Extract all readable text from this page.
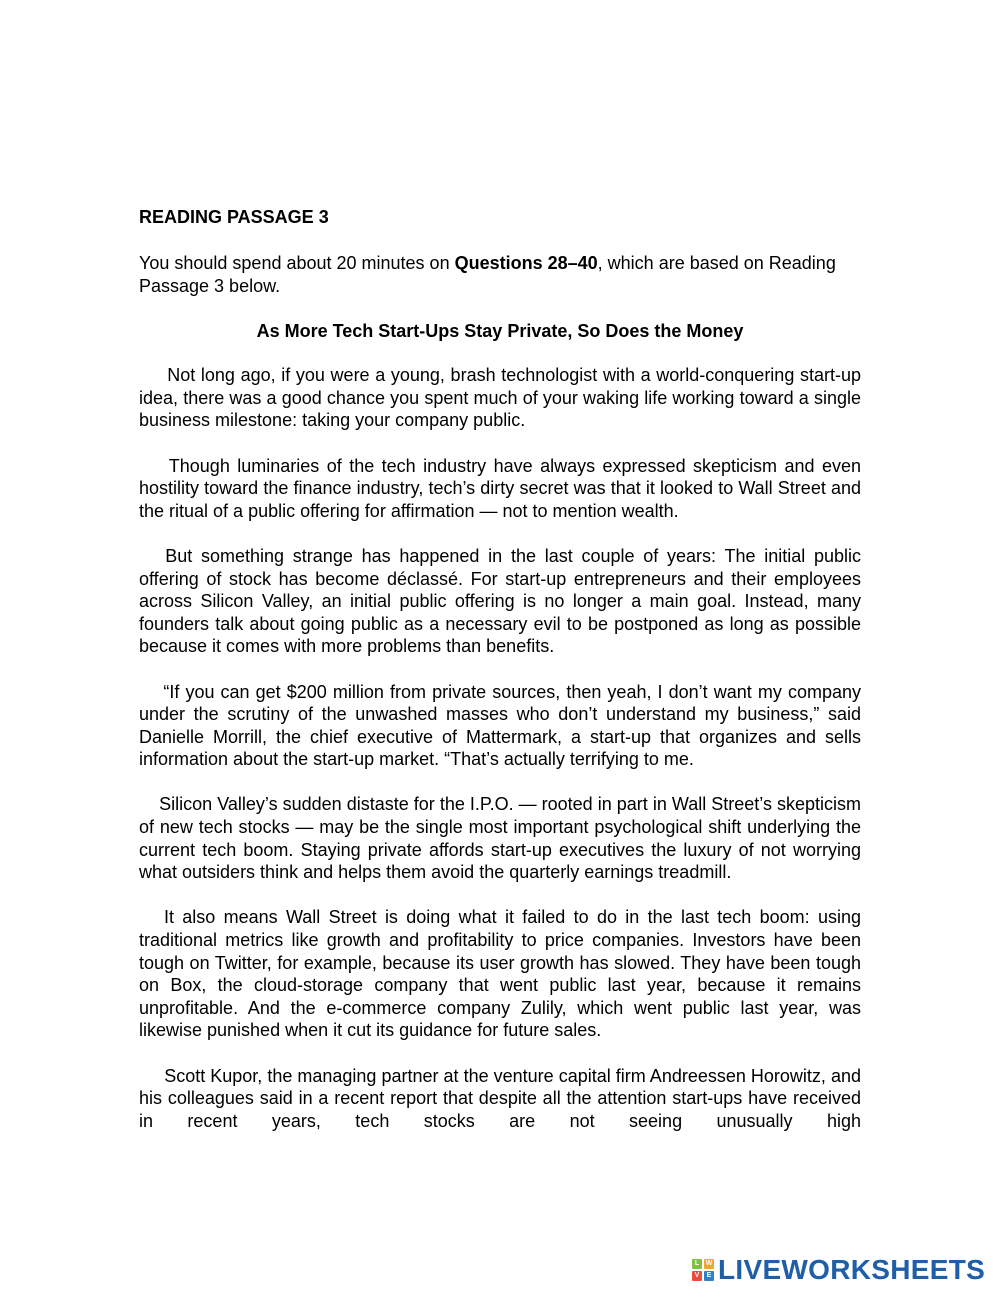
READING PASSAGE 3
You should spend about 20 minutes on Questions 28–40, which are based on Reading Passage 3 below.
As More Tech Start-Ups Stay Private, So Does the Money
Not long ago, if you were a young, brash technologist with a world-conquering start-up idea, there was a good chance you spent much of your waking life working toward a single business milestone: taking your company public.
Though luminaries of the tech industry have always expressed skepticism and even hostility toward the finance industry, tech’s dirty secret was that it looked to Wall Street and the ritual of a public offering for affirmation — not to mention wealth.
But something strange has happened in the last couple of years: The initial public offering of stock has become déclassé. For start-up entrepreneurs and their employees across Silicon Valley, an initial public offering is no longer a main goal. Instead, many founders talk about going public as a necessary evil to be postponed as long as possible because it comes with more problems than benefits.
“If you can get $200 million from private sources, then yeah, I don’t want my company under the scrutiny of the unwashed masses who don’t understand my business,” said Danielle Morrill, the chief executive of Mattermark, a start-up that organizes and sells information about the start-up market. “That’s actually terrifying to me.
Silicon Valley’s sudden distaste for the I.P.O. — rooted in part in Wall Street’s skepticism of new tech stocks — may be the single most important psychological shift underlying the current tech boom. Staying private affords start-up executives the luxury of not worrying what outsiders think and helps them avoid the quarterly earnings treadmill.
It also means Wall Street is doing what it failed to do in the last tech boom: using traditional metrics like growth and profitability to price companies. Investors have been tough on Twitter, for example, because its user growth has slowed. They have been tough on Box, the cloud-storage company that went public last year, because it remains unprofitable. And the e-commerce company Zulily, which went public last year, was likewise punished when it cut its guidance for future sales.
Scott Kupor, the managing partner at the venture capital firm Andreessen Horowitz, and his colleagues said in a recent report that despite all the attention start-ups have received in recent years, tech stocks are not seeing unusually high
L W
V	E LIVEWORKSHEETS
